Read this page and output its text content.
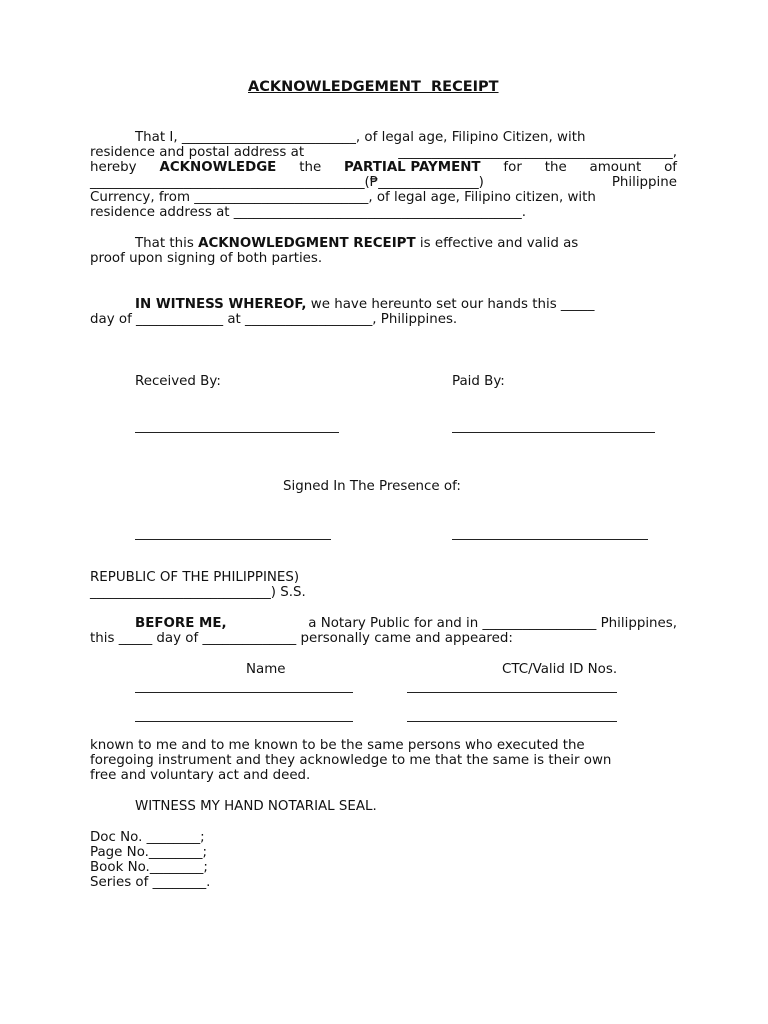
ACKNOWLEDGEMENT  RECEIPT
That I, __________________________, of legal age, Filipino Citizen, with
residence and postal address at	_________________________________________,
hereby ACKNOWLEDGE the PARTIAL PAYMENT for the amount of
_________________________________________(₱_______________)	Philippine
Currency, from __________________________, of legal age, Filipino citizen, with
residence address at ___________________________________________.
That this ACKNOWLEDGMENT RECEIPT is effective and valid as
proof upon signing of both parties.
IN WITNESS WHEREOF, we have hereunto set our hands this _____
day of _____________ at ___________________, Philippines.
Received By:	Paid By:
Signed In The Presence of:
REPUBLIC OF THE PHILIPPINES)
___________________________) S.S.
BEFORE ME,	a Notary Public for and in _________________ Philippines,
this _____ day of ______________ personally came and appeared:
Name	CTC/Valid ID Nos.
known to me and to me known to be the same persons who executed the
foregoing instrument and they acknowledge to me that the same is their own
free and voluntary act and deed.
WITNESS MY HAND NOTARIAL SEAL.
Doc No. ________;
Page No.________;
Book No.________;
Series of ________.
